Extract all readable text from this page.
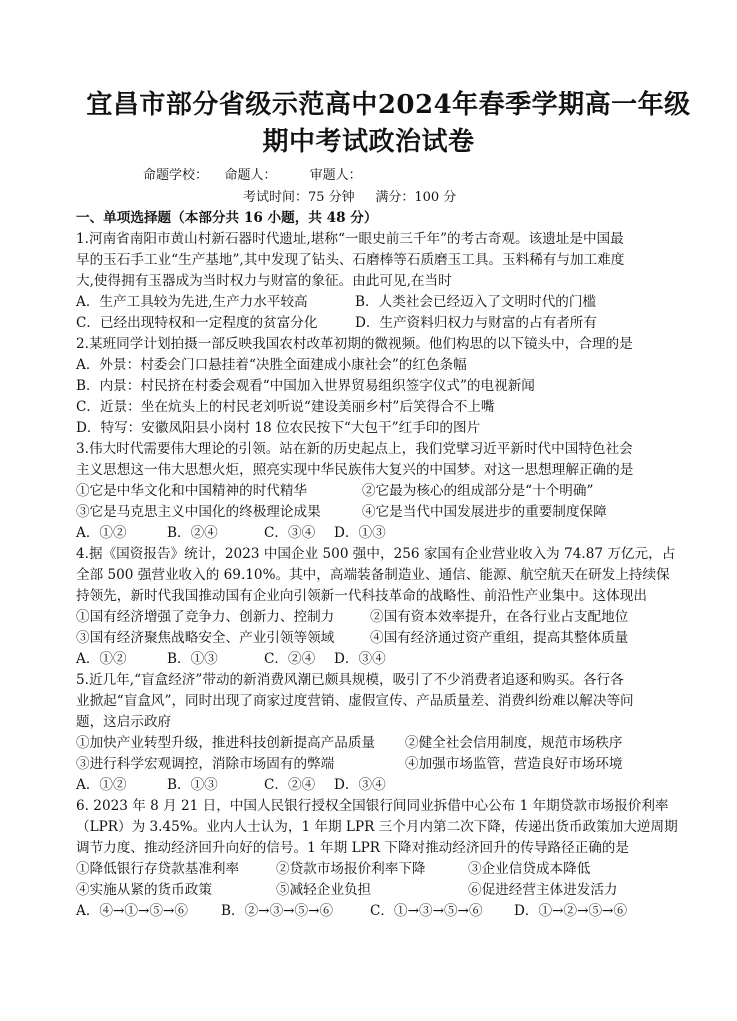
宜昌市部分省级示范高中2024年春季学期高一年级
期中考试政治试卷
命题学校：    命题人：        审题人：
考试时间：75 分钟     满分：100 分
一、单项选择题（本部分共 16 小题，共 48 分）
1.河南省南阳市黄山村新石器时代遗址,堪称“一眼史前三千年”的考古奇观。该遗址是中国最
早的玉石手工业“生产基地”,其中发现了钻头、石磨棒等石质磨玉工具。玉料稀有与加工难度
大,使得拥有玉器成为当时权力与财富的象征。由此可见,在当时
A．生产工具较为先进,生产力水平较高	B．人类社会已经迈入了文明时代的门槛
C．已经出现特权和一定程度的贫富分化	D．生产资料归权力与财富的占有者所有
2.某班同学计划拍摄一部反映我国农村改革初期的微视频。他们构思的以下镜头中，合理的是
A．外景：村委会门口悬挂着“决胜全面建成小康社会”的红色条幅
B．内景：村民挤在村委会观看“中国加入世界贸易组织签字仪式”的电视新闻
C．近景：坐在炕头上的村民老刘听说“建设美丽乡村”后笑得合不上嘴
D．特写：安徽凤阳县小岗村 18 位农民按下“大包干”红手印的图片
3.伟大时代需要伟大理论的引领。站在新的历史起点上，我们党擘习近平新时代中国特色社会
主义思想这一伟大思想火炬，照亮实现中华民族伟大复兴的中国梦。对这一思想理解正确的是
①它是中华文化和中国精神的时代精华	②它最为核心的组成部分是“十个明确”
③它是马克思主义中国化的终极理论成果	④它是当代中国发展进步的重要制度保障
A．①②	B．②④	C．③④ D．①③
4.据《国资报告》统计，2023 中国企业 500 强中，256 家国有企业营业收入为 74.87 万亿元，占
全部 500 强营业收入的 69.10%。其中，高端装备制造业、通信、能源、航空航天在研发上持续保
持领先，新时代我国推动国有企业向引领新一代科技革命的战略性、前沿性产业集中。这体现出
①国有经济增强了竞争力、创新力、控制力	②国有资本效率提升，在各行业占支配地位
③国有经济聚焦战略安全、产业引领等领域	④国有经济通过资产重组，提高其整体质量
A．①②	B．①③	C．②④ D．③④
5.近几年,“盲盒经济”带动的新消费风潮已颇具规模，吸引了不少消费者追逐和购买。各行各
业掀起“盲盒风”，同时出现了商家过度营销、虚假宣传、产品质量差、消费纠纷难以解决等问
题，这启示政府
①加快产业转型升级，推进科技创新提高产品质量 ②健全社会信用制度，规范市场秩序
③进行科学宏观调控，消除市场固有的弊端	④加强市场监管，营造良好市场环境
A．①②	B．①③	C．②④ D．③④
6. 2023 年 8 月 21 日，中国人民银行授权全国银行间同业拆借中心公布 1 年期贷款市场报价利率
（LPR）为 3.45%。业内人士认为，1 年期 LPR 三个月内第二次下降，传递出货币政策加大逆周期
调节力度、推动经济回升向好的信号。1 年期 LPR 下降对推动经济回升的传导路径正确的是
①降低银行存贷款基准利率	②贷款市场报价利率下降	③企业信贷成本降低
④实施从紧的货币政策	⑤减轻企业负担	⑥促进经营主体进发活力
A．④→①→⑤→⑥ B．②→③→⑤→⑥	C．①→③→⑤→⑥ D．①→②→⑤→⑥
